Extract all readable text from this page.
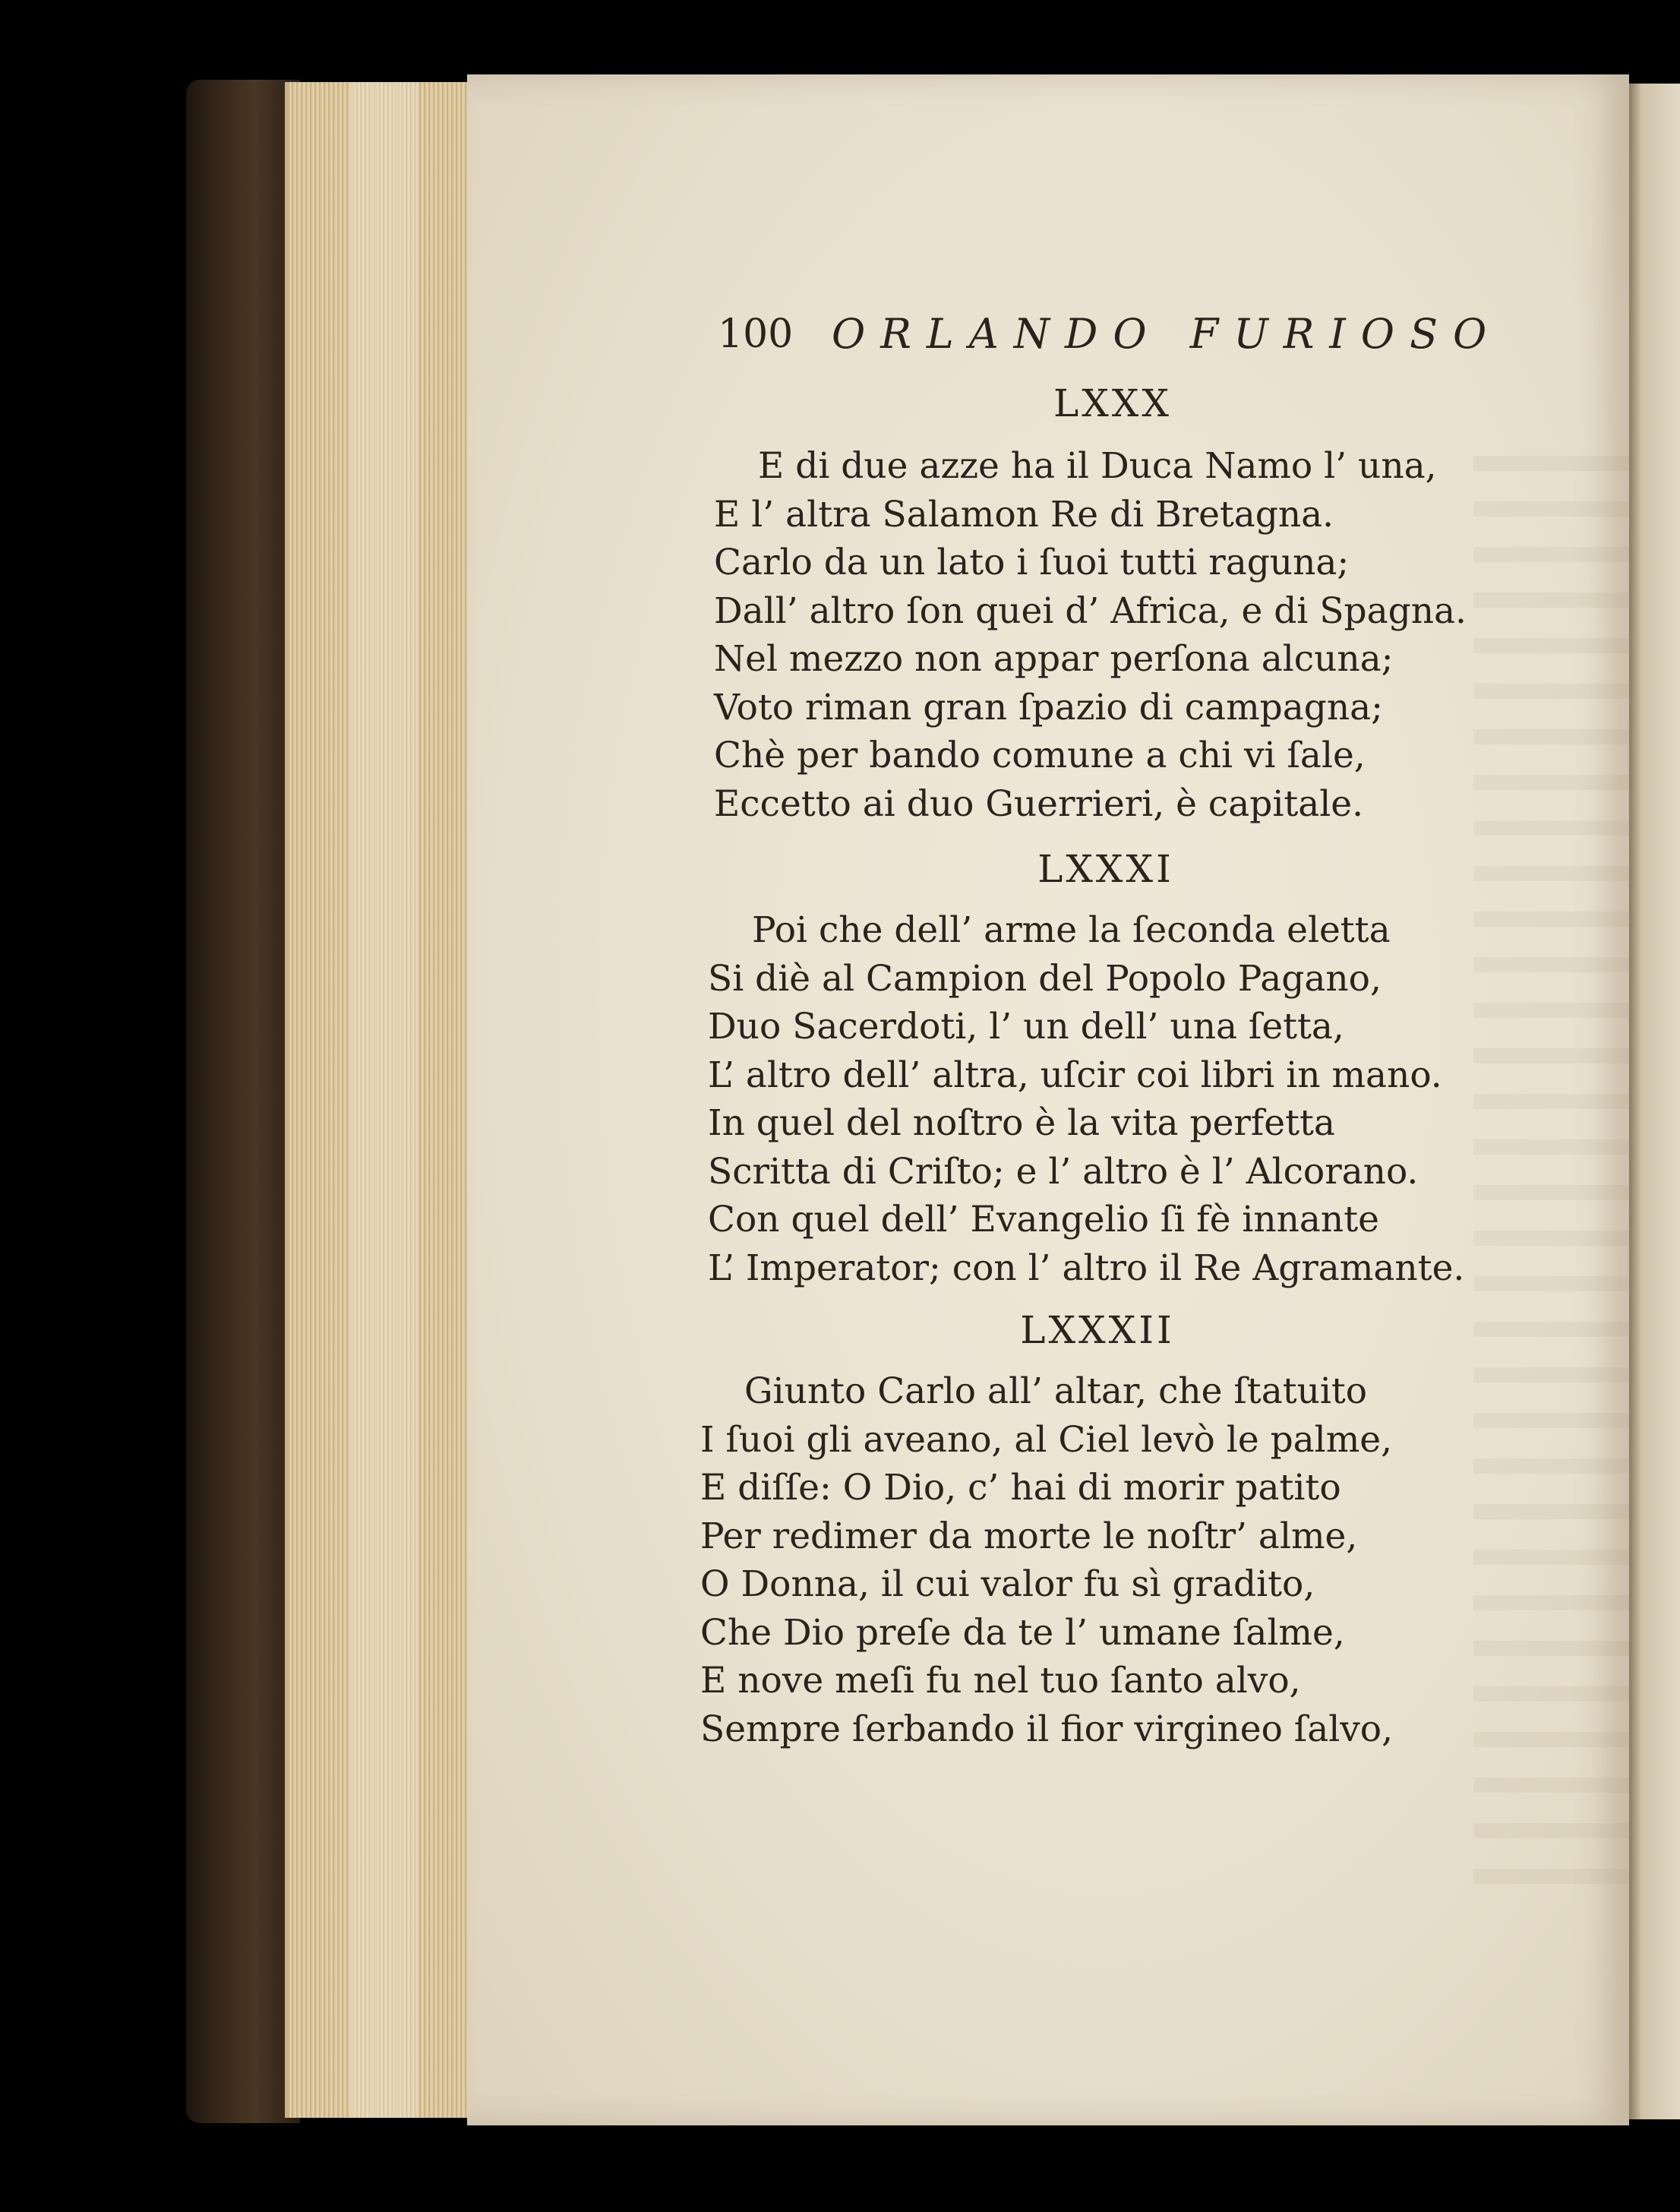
100 ORLANDO FURIOSO
LXXX
E di due azze ha il Duca Namo l’ una,
E l’ altra Salamon Re di Bretagna.
Carlo da un lato i ſuoi tutti raguna;
Dall’ altro ſon quei d’ Africa, e di Spagna.
Nel mezzo non appar perſona alcuna;
Voto riman gran ſpazio di campagna;
Chè per bando comune a chi vi ſale,
Eccetto ai duo Guerrieri, è capitale.
LXXXI
Poi che dell’ arme la ſeconda eletta
Si diè al Campion del Popolo Pagano,
Duo Sacerdoti, l’ un dell’ una ſetta,
L’ altro dell’ altra, uſcir coi libri in mano.
In quel del noſtro è la vita perfetta
Scritta di Criſto; e l’ altro è l’ Alcorano.
Con quel dell’ Evangelio ſi fè innante
L’ Imperator; con l’ altro il Re Agramante.
LXXXII
Giunto Carlo all’ altar, che ſtatuito
I ſuoi gli aveano, al Ciel levò le palme,
E diſſe: O Dio, c’ hai di morir patito
Per redimer da morte le noſtr’ alme,
O Donna, il cui valor fu sì gradito,
Che Dio preſe da te l’ umane ſalme,
E nove meſi fu nel tuo ſanto alvo,
Sempre ſerbando il fior virgineo ſalvo,
